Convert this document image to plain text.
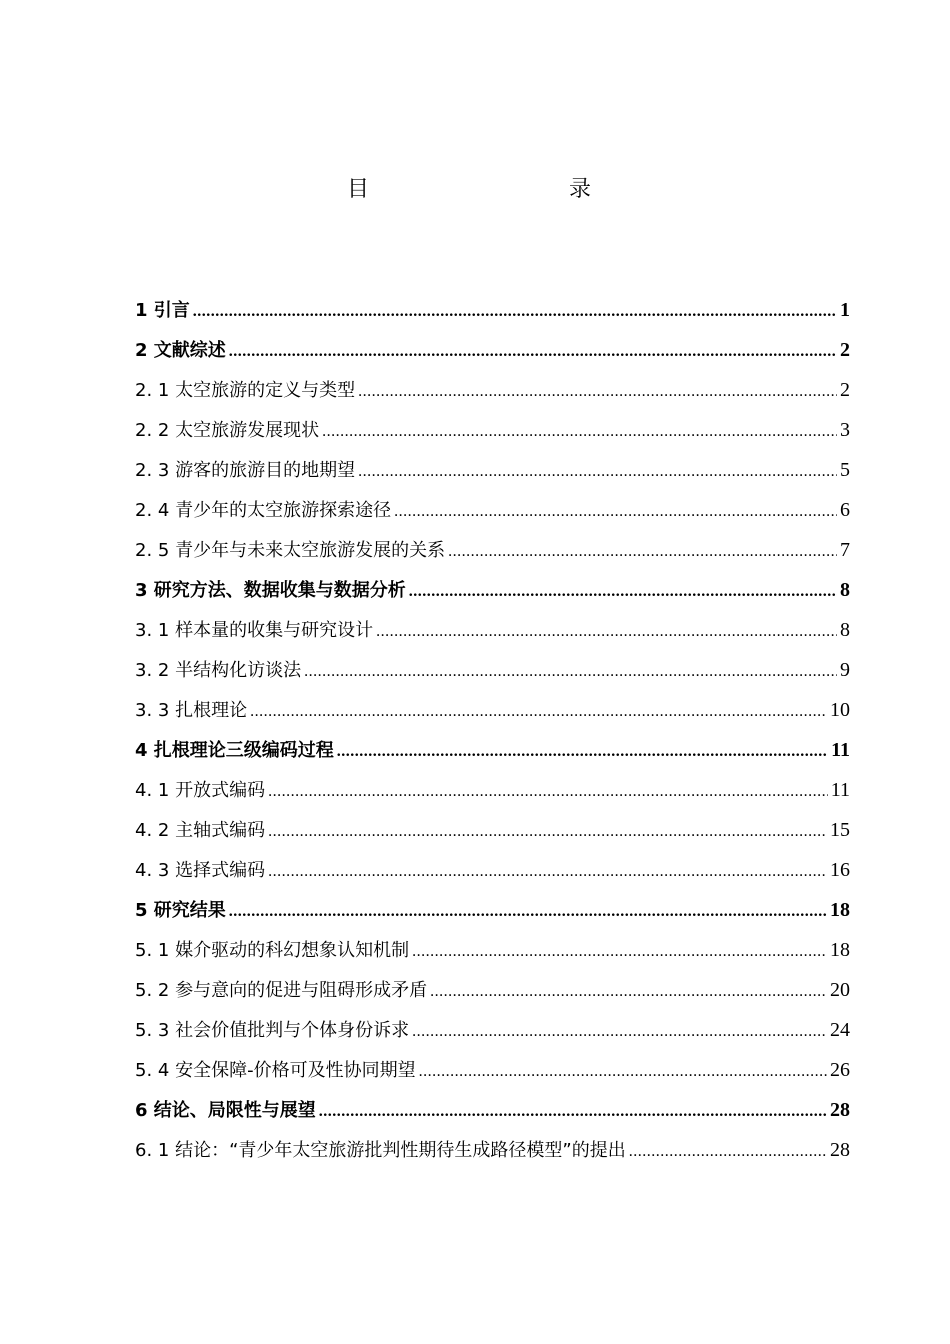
目　　录
1 引言 .....	1
2 文献综述 .....	2
2. 1 太空旅游的定义与类型 .....	2
2. 2 太空旅游发展现状 .....	3
2. 3 游客的旅游目的地期望 .....	5
2. 4 青少年的太空旅游探索途径 .....	6
2. 5 青少年与未来太空旅游发展的关系 .....	7
3 研究方法、数据收集与数据分析 .....	8
3. 1 样本量的收集与研究设计 .....	8
3. 2 半结构化访谈法 .....	9
3. 3 扎根理论 .....	10
4 扎根理论三级编码过程 .....	11
4. 1 开放式编码 .....	11
4. 2 主轴式编码 .....	15
4. 3 选择式编码 .....	16
5 研究结果 .....	18
5. 1 媒介驱动的科幻想象认知机制 .....	18
5. 2 参与意向的促进与阻碍形成矛盾 .....	20
5. 3 社会价值批判与个体身份诉求 .....	24
5. 4 安全保障-价格可及性协同期望 .....	26
6 结论、局限性与展望 .....	28
6. 1 结论：“青少年太空旅游批判性期待生成路径模型”的提出 .....	28
